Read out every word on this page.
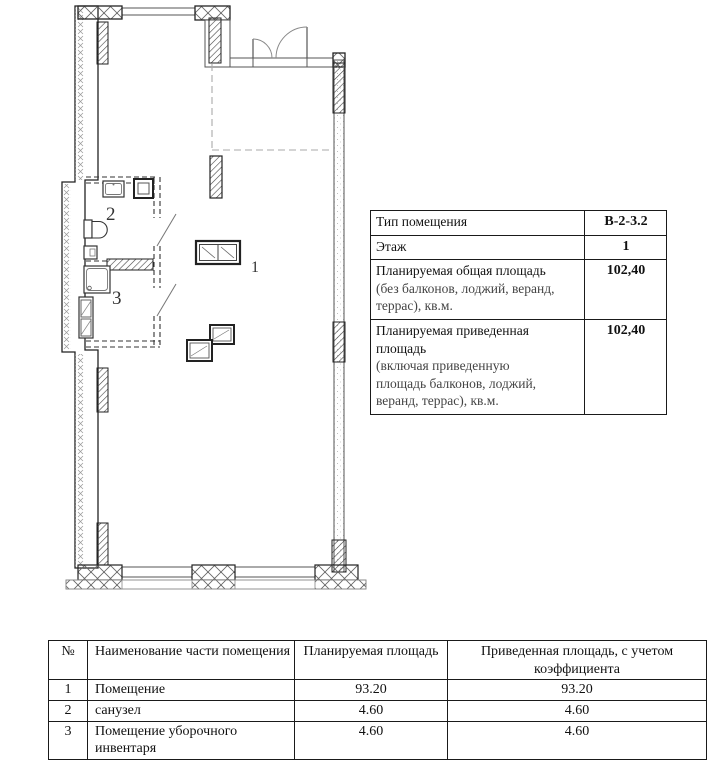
1
2
3
Тип помещения	В-2-3.2
Этаж	1
Планируемая общая площадь
(без балконов, лоджий, веранд, террас), кв.м.	102,40
Планируемая приведенная площадь
(включая приведенную площадь балконов, лоджий, веранд, террас), кв.м.	102,40
№	Наименование части помещения	Планируемая площадь	Приведенная площадь, с учетом коэффициента
1	Помещение	93.20	93.20
2	санузел	4.60	4.60
3	Помещение уборочного инвентаря	4.60	4.60
